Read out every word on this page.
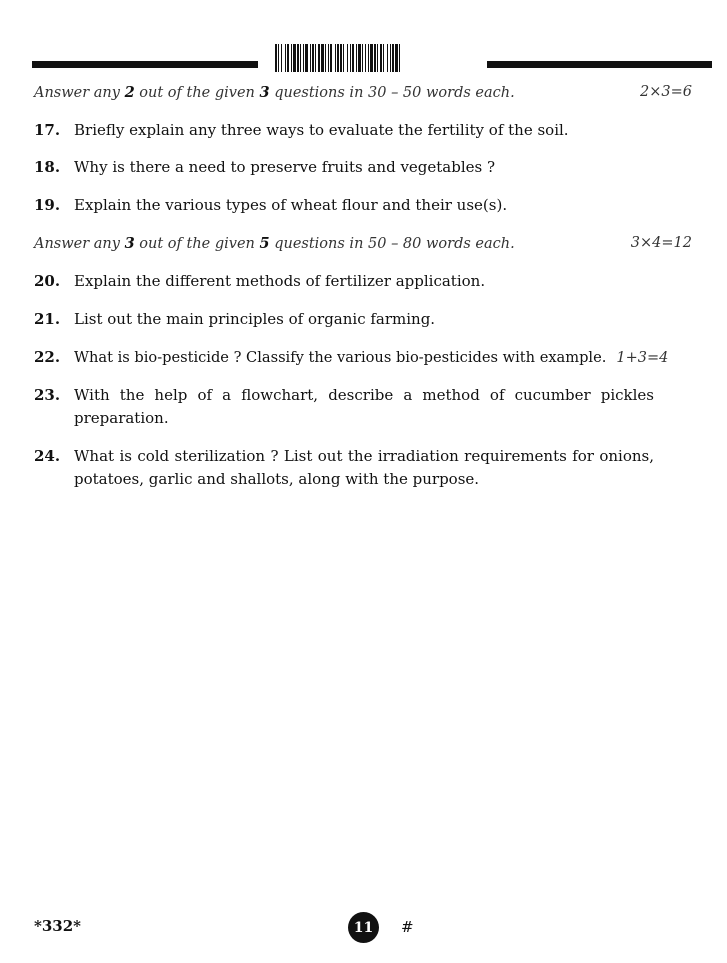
Answer any 2 out of the given 3 questions in 30 – 50 words each.	2×3=6
17. Briefly explain any three ways to evaluate the fertility of the soil.
18. Why is there a need to preserve fruits and vegetables ?
19. Explain the various types of wheat flour and their use(s).
Answer any 3 out of the given 5 questions in 50 – 80 words each.	3×4=12
20. Explain the different methods of fertilizer application.
21. List out the main principles of organic farming.
22. What is bio-pesticide ? Classify the various bio-pesticides with example. 1+3=4
23. With the help of a flowchart, describe a method of cucumber pickles preparation.
24. What is cold sterilization ? List out the irradiation requirements for onions, potatoes, garlic and shallots, along with the purpose.
*332*	11 #
